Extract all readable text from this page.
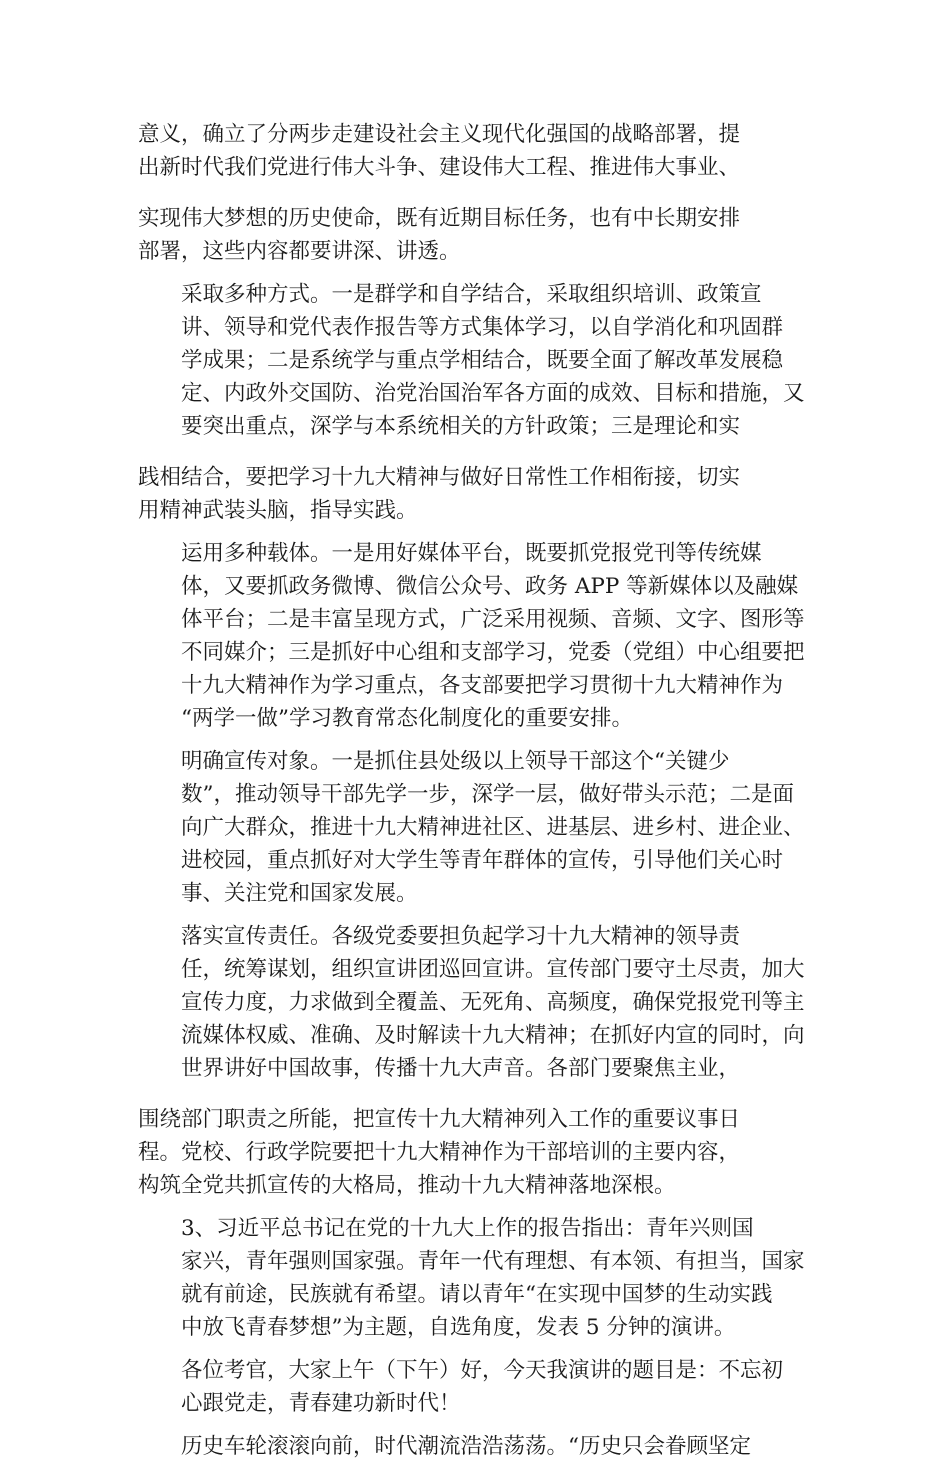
意义，确立了分两步走建设社会主义现代化强国的战略部署，提
出新时代我们党进行伟大斗争、建设伟大工程、推进伟大事业、

实现伟大梦想的历史使命，既有近期目标任务，也有中长期安排
部署，这些内容都要讲深、讲透。

采取多种方式。一是群学和自学结合，采取组织培训、政策宣
讲、领导和党代表作报告等方式集体学习，以自学消化和巩固群
学成果；二是系统学与重点学相结合，既要全面了解改革发展稳
定、内政外交国防、治党治国治军各方面的成效、目标和措施，又
要突出重点，深学与本系统相关的方针政策；三是理论和实

践相结合，要把学习十九大精神与做好日常性工作相衔接，切实
用精神武装头脑，指导实践。

运用多种载体。一是用好媒体平台，既要抓党报党刊等传统媒
体，又要抓政务微博、微信公众号、政务 APP 等新媒体以及融媒
体平台；二是丰富呈现方式，广泛采用视频、音频、文字、图形等
不同媒介；三是抓好中心组和支部学习，党委（党组）中心组要把
十九大精神作为学习重点，各支部要把学习贯彻十九大精神作为
“两学一做”学习教育常态化制度化的重要安排。

明确宣传对象。一是抓住县处级以上领导干部这个“关键少
数”，推动领导干部先学一步，深学一层，做好带头示范；二是面
向广大群众，推进十九大精神进社区、进基层、进乡村、进企业、
进校园，重点抓好对大学生等青年群体的宣传，引导他们关心时
事、关注党和国家发展。

落实宣传责任。各级党委要担负起学习十九大精神的领导责
任，统筹谋划，组织宣讲团巡回宣讲。宣传部门要守土尽责，加大
宣传力度，力求做到全覆盖、无死角、高频度，确保党报党刊等主
流媒体权威、准确、及时解读十九大精神；在抓好内宣的同时，向
世界讲好中国故事，传播十九大声音。各部门要聚焦主业，

围绕部门职责之所能，把宣传十九大精神列入工作的重要议事日
程。党校、行政学院要把十九大精神作为干部培训的主要内容，
构筑全党共抓宣传的大格局，推动十九大精神落地深根。

3、习近平总书记在党的十九大上作的报告指出：青年兴则国
家兴，青年强则国家强。青年一代有理想、有本领、有担当，国家
就有前途，民族就有希望。请以青年“在实现中国梦的生动实践
中放飞青春梦想”为主题，自选角度，发表 5 分钟的演讲。

各位考官，大家上午（下午）好，今天我演讲的题目是：不忘初
心跟党走，青春建功新时代！

历史车轮滚滚向前，时代潮流浩浩荡荡。“历史只会眷顾坚定
